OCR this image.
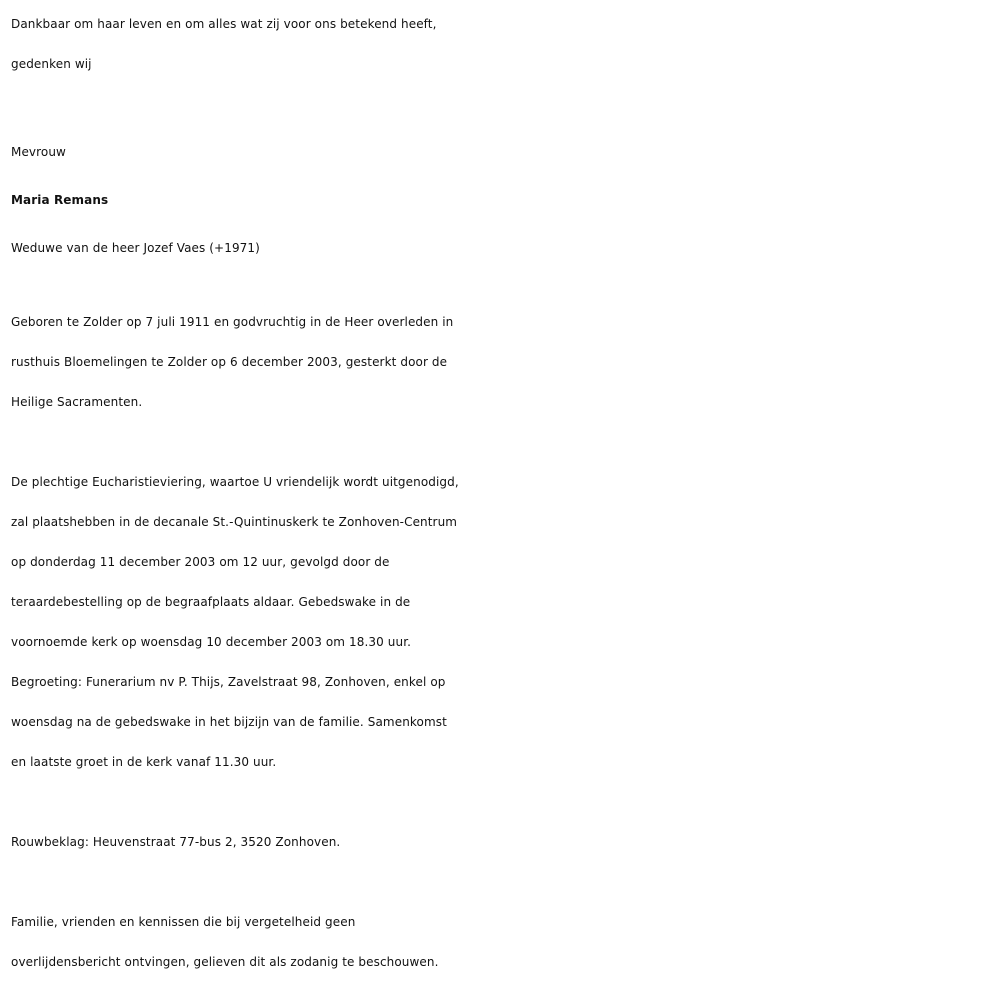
Dankbaar om haar leven en om alles wat zij voor ons betekend heeft,
gedenken wij
Mevrouw
Maria Remans
Weduwe van de heer Jozef Vaes (+1971)
Geboren te Zolder op 7 juli 1911 en godvruchtig in de Heer overleden in
rusthuis Bloemelingen te Zolder op 6 december 2003, gesterkt door de
Heilige Sacramenten.
De plechtige Eucharistieviering, waartoe U vriendelijk wordt uitgenodigd,
zal plaatshebben in de decanale St.-Quintinuskerk te Zonhoven-Centrum
op donderdag 11 december 2003 om 12 uur, gevolgd door de
teraardebestelling op de begraafplaats aldaar. Gebedswake in de
voornoemde kerk op woensdag 10 december 2003 om 18.30 uur.
Begroeting: Funerarium nv P. Thijs, Zavelstraat 98, Zonhoven, enkel op
woensdag na de gebedswake in het bijzijn van de familie. Samenkomst
en laatste groet in de kerk vanaf 11.30 uur.
Rouwbeklag: Heuvenstraat 77-bus 2, 3520 Zonhoven.
Familie, vrienden en kennissen die bij vergetelheid geen
overlijdensbericht ontvingen, gelieven dit als zodanig te beschouwen.
